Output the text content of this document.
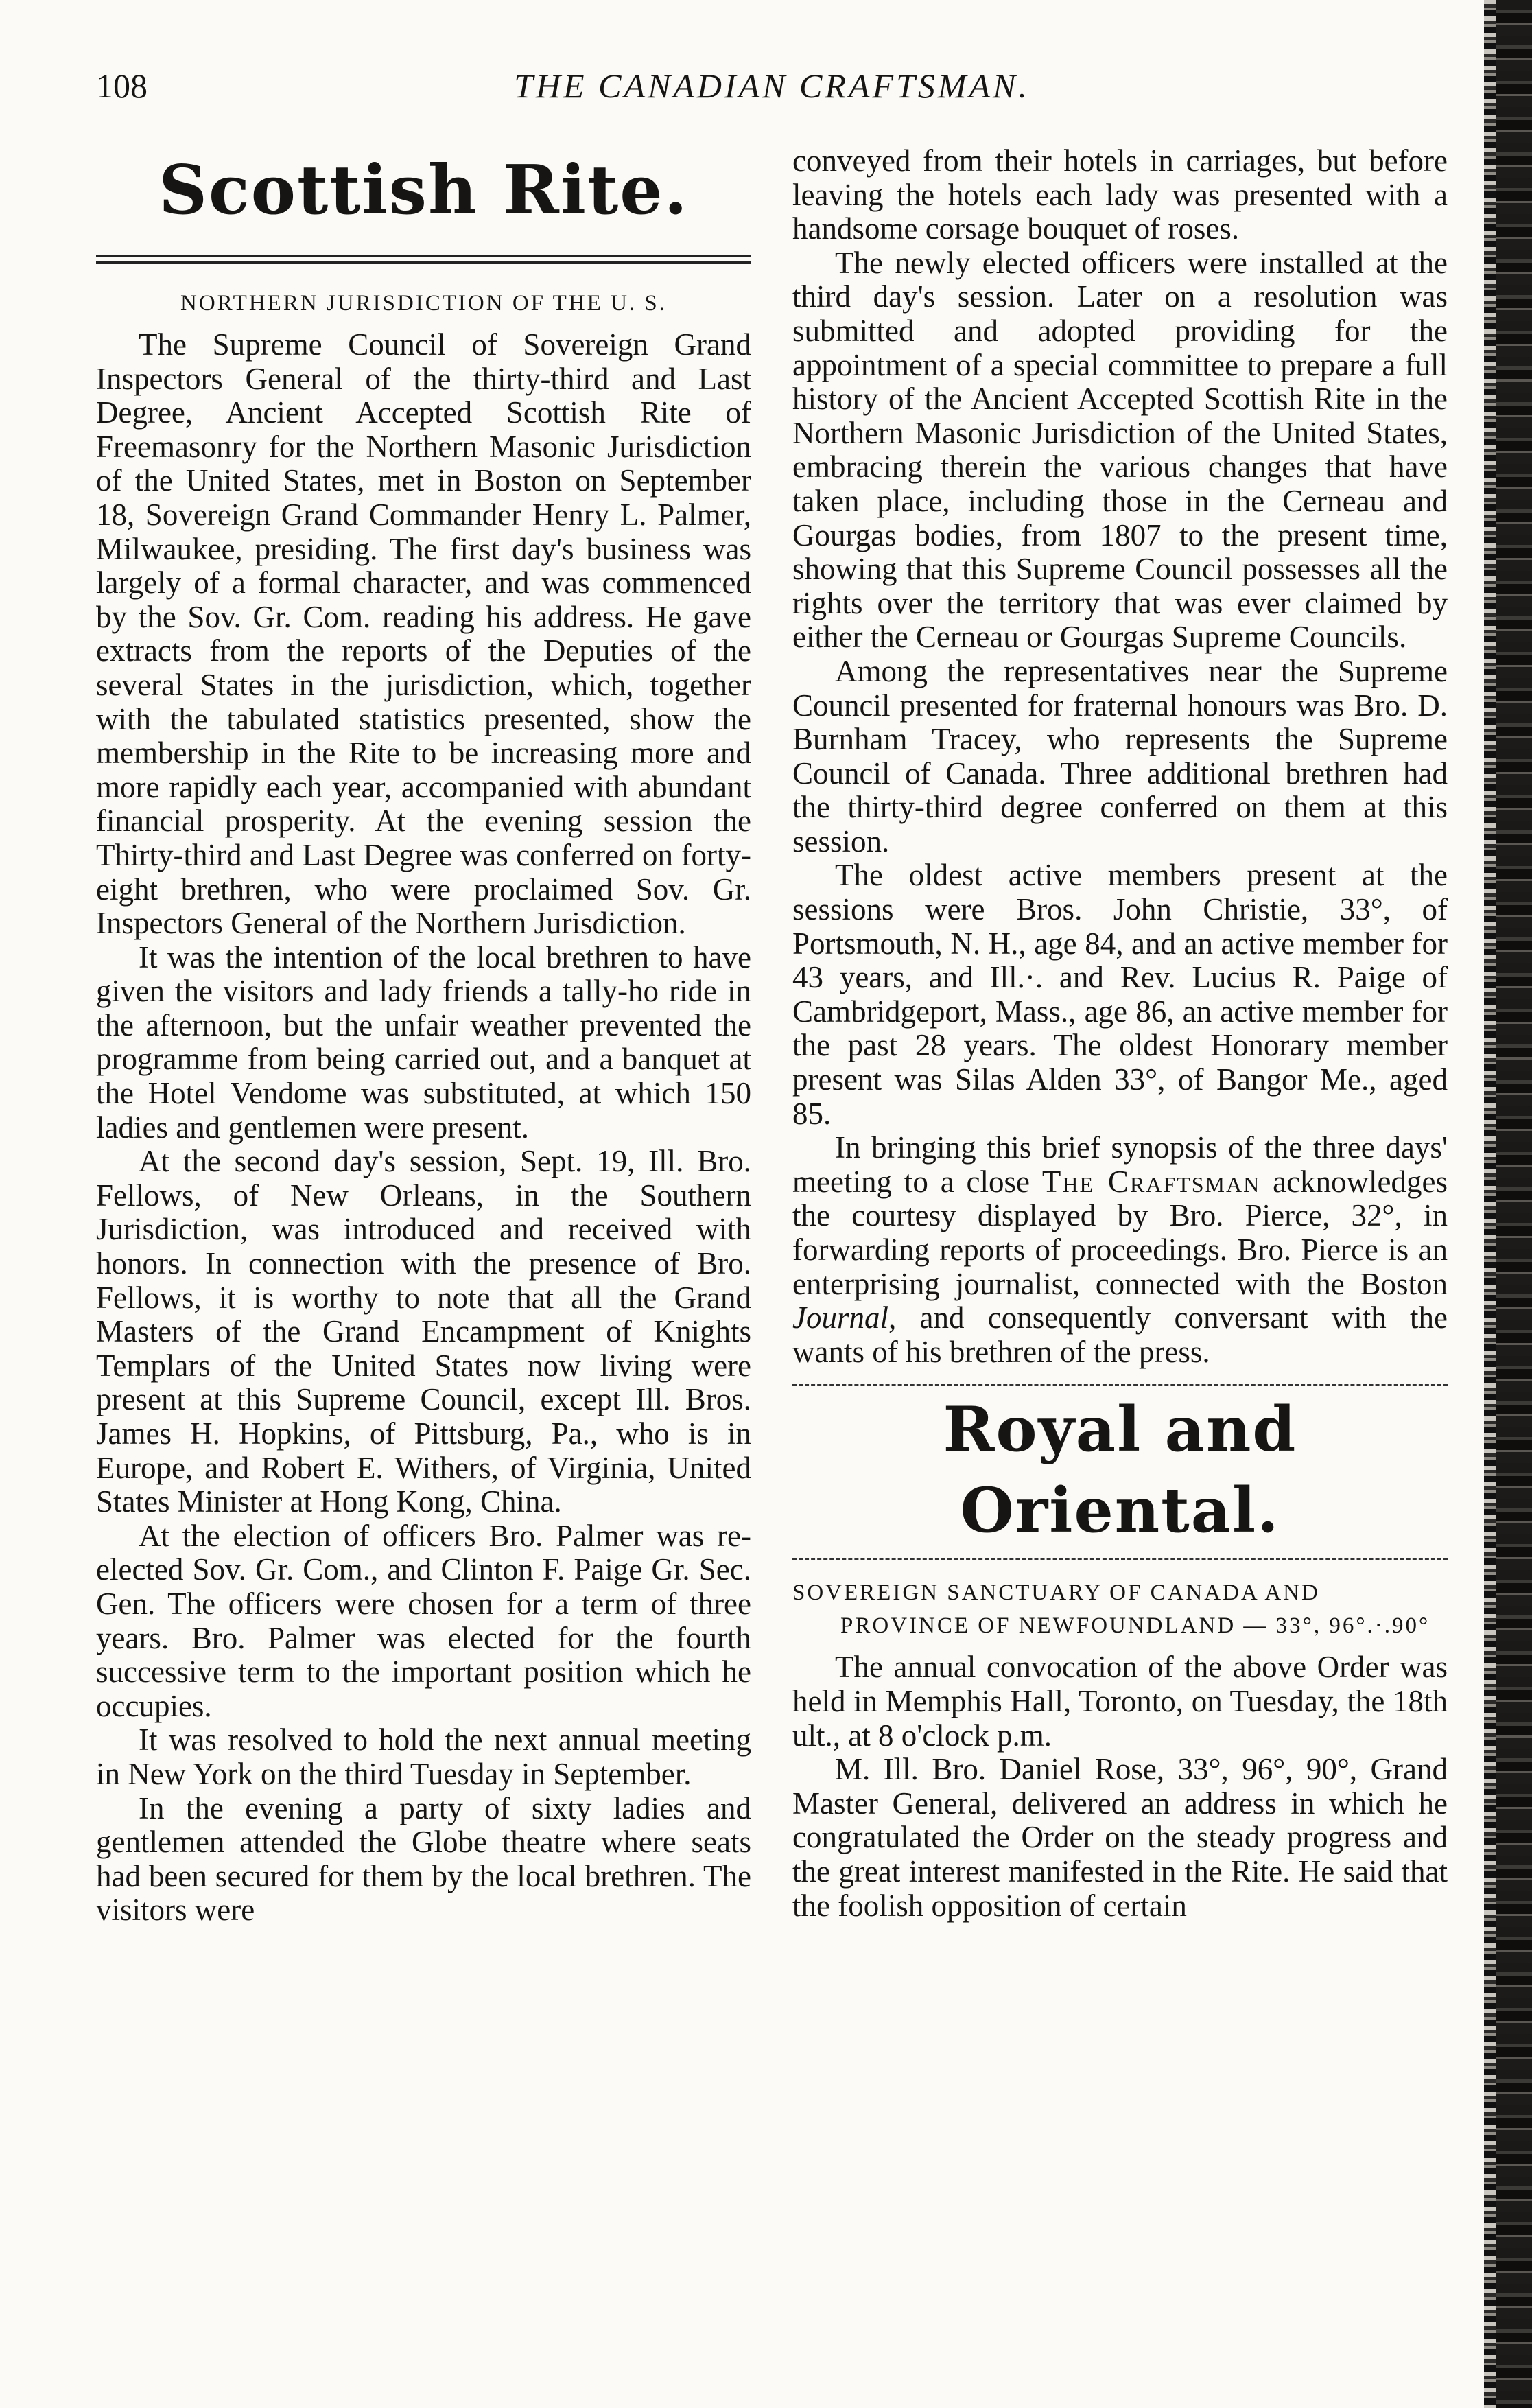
108	THE CANADIAN CRAFTSMAN.
Scottish Rite.
NORTHERN JURISDICTION OF THE U. S.

The Supreme Council of Sovereign Grand Inspectors General of the thirty-third and Last Degree, Ancient Accepted Scottish Rite of Freemasonry for the Northern Masonic Jurisdiction of the United States, met in Boston on September 18, Sovereign Grand Commander Henry L. Palmer, Milwaukee, presiding. The first day's business was largely of a formal character, and was commenced by the Sov. Gr. Com. reading his address. He gave extracts from the reports of the Deputies of the several States in the jurisdiction, which, together with the tabulated statistics presented, show the membership in the Rite to be increasing more and more rapidly each year, accompanied with abundant financial prosperity. At the evening session the Thirty-third and Last Degree was conferred on forty-eight brethren, who were proclaimed Sov. Gr. Inspectors General of the Northern Jurisdiction.

It was the intention of the local brethren to have given the visitors and lady friends a tally-ho ride in the afternoon, but the unfair weather prevented the programme from being carried out, and a banquet at the Hotel Vendome was substituted, at which 150 ladies and gentlemen were present.

At the second day's session, Sept. 19, Ill. Bro. Fellows, of New Orleans, in the Southern Jurisdiction, was introduced and received with honors. In connection with the presence of Bro. Fellows, it is worthy to note that all the Grand Masters of the Grand Encampment of Knights Templars of the United States now living were present at this Supreme Council, except Ill. Bros. James H. Hopkins, of Pittsburg, Pa., who is in Europe, and Robert E. Withers, of Virginia, United States Minister at Hong Kong, China.

At the election of officers Bro. Palmer was re-elected Sov. Gr. Com., and Clinton F. Paige Gr. Sec. Gen. The officers were chosen for a term of three years. Bro. Palmer was elected for the fourth successive term to the important position which he occupies.

It was resolved to hold the next annual meeting in New York on the third Tuesday in September.

In the evening a party of sixty ladies and gentlemen attended the Globe theatre where seats had been secured for them by the local brethren. The visitors were

conveyed from their hotels in carriages, but before leaving the hotels each lady was presented with a handsome corsage bouquet of roses.

The newly elected officers were installed at the third day's session. Later on a resolution was submitted and adopted providing for the appointment of a special committee to prepare a full history of the Ancient Accepted Scottish Rite in the Northern Masonic Jurisdiction of the United States, embracing therein the various changes that have taken place, including those in the Cerneau and Gourgas bodies, from 1807 to the present time, showing that this Supreme Council possesses all the rights over the territory that was ever claimed by either the Cerneau or Gourgas Supreme Councils.

Among the representatives near the Supreme Council presented for fraternal honours was Bro. D. Burnham Tracey, who represents the Supreme Council of Canada. Three additional brethren had the thirty-third degree conferred on them at this session.

The oldest active members present at the sessions were Bros. John Christie, 33°, of Portsmouth, N. H., age 84, and an active member for 43 years, and Ill.·. and Rev. Lucius R. Paige of Cambridgeport, Mass., age 86, an active member for the past 28 years. The oldest Honorary member present was Silas Alden 33°, of Bangor Me., aged 85.

In bringing this brief synopsis of the three days' meeting to a close The Craftsman acknowledges the courtesy displayed by Bro. Pierce, 32°, in forwarding reports of proceedings. Bro. Pierce is an enterprising journalist, connected with the Boston Journal, and consequently conversant with the wants of his brethren of the press.

Royal and Oriental.
SOVEREIGN SANCTUARY OF CANADA AND PROVINCE OF NEWFOUNDLAND — 33°, 96°.·.90°

The annual convocation of the above Order was held in Memphis Hall, Toronto, on Tuesday, the 18th ult., at 8 o'clock p.m.

M. Ill. Bro. Daniel Rose, 33°, 96°, 90°, Grand Master General, delivered an address in which he congratulated the Order on the steady progress and the great interest manifested in the Rite. He said that the foolish opposition of certain
